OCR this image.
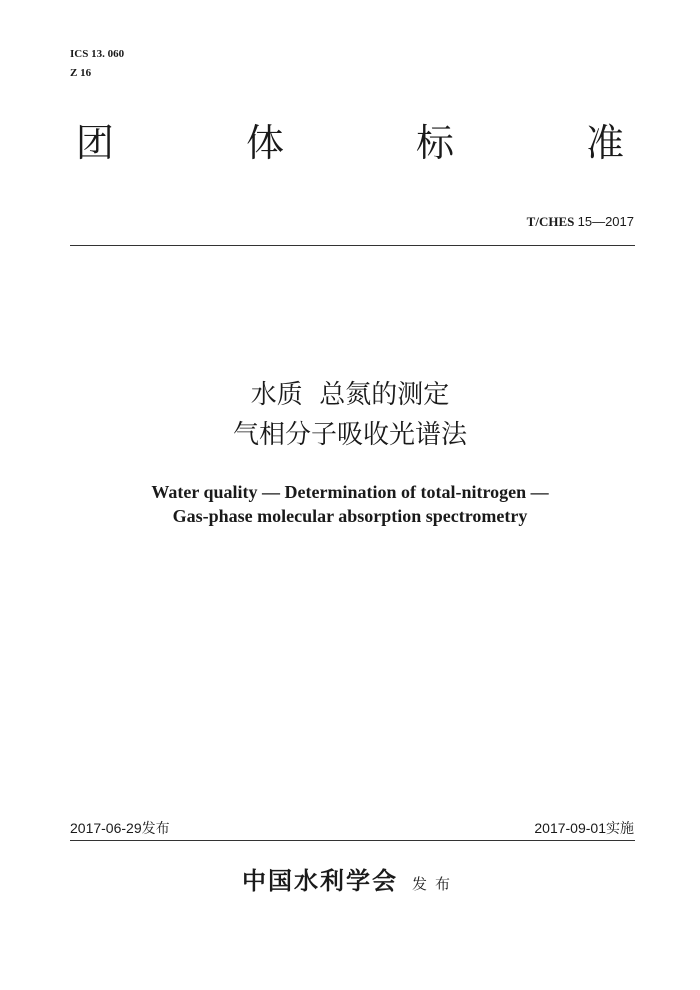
ICS 13. 060
Z 16
团 体 标 准
T/CHES 15—2017
水质  总氮的测定
气相分子吸收光谱法
Water quality — Determination of total-nitrogen —
Gas-phase molecular absorption spectrometry
2017-06-29发布	2017-09-01实施
中国水利学会 发布
